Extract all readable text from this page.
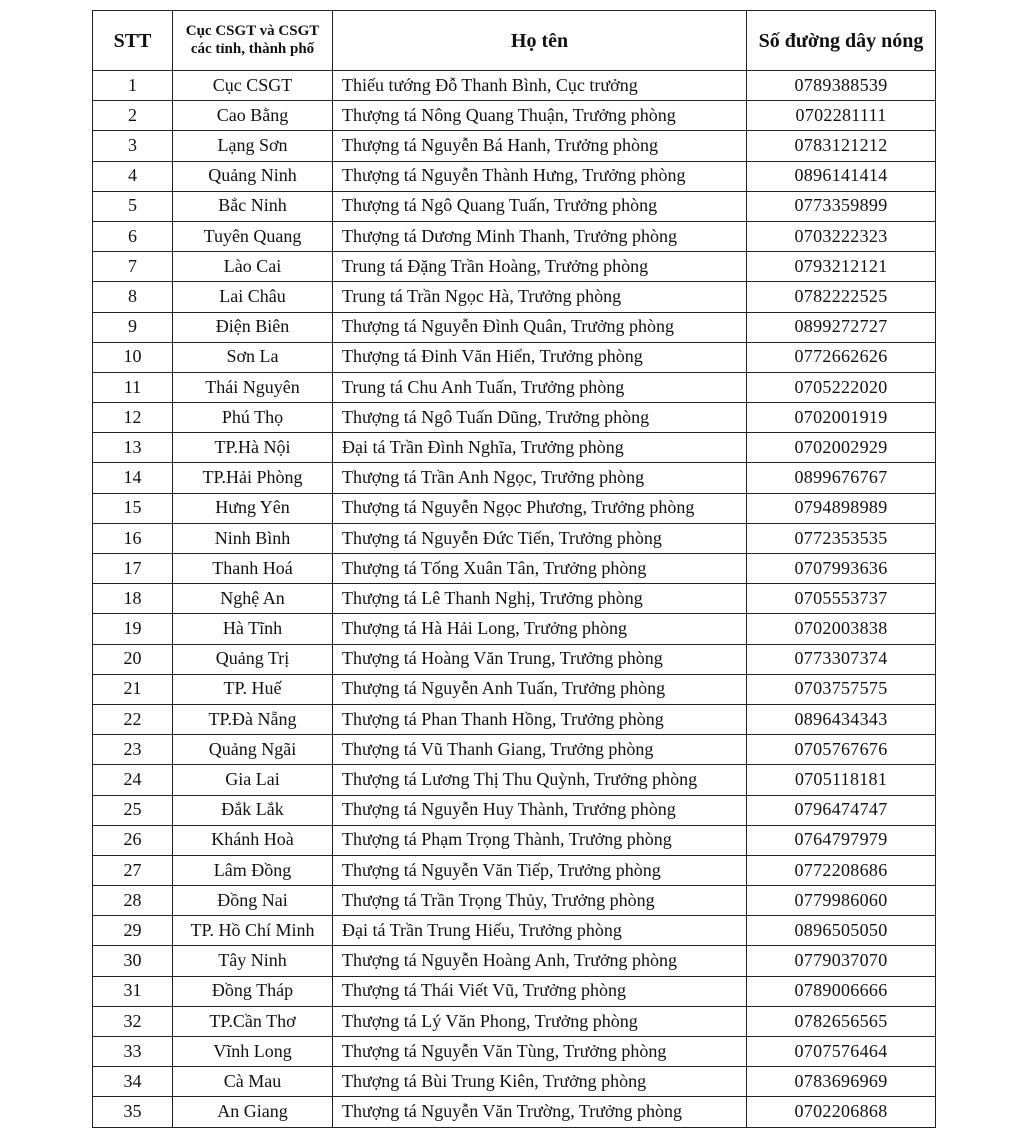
STT	Cục CSGT và CSGT các tỉnh, thành phố	Họ tên	Số đường dây nóng
1	Cục CSGT	Thiếu tướng Đỗ Thanh Bình, Cục trưởng	0789388539
2	Cao Bằng	Thượng tá Nông Quang Thuận, Trưởng phòng	0702281111
3	Lạng Sơn	Thượng tá Nguyễn Bá Hanh, Trưởng phòng	0783121212
4	Quảng Ninh	Thượng tá Nguyễn Thành Hưng, Trưởng phòng	0896141414
5	Bắc Ninh	Thượng tá Ngô Quang Tuấn, Trưởng phòng	0773359899
6	Tuyên Quang	Thượng tá Dương Minh Thanh, Trưởng phòng	0703222323
7	Lào Cai	Trung tá Đặng Trần Hoàng, Trưởng phòng	0793212121
8	Lai Châu	Trung tá Trần Ngọc Hà, Trưởng phòng	0782222525
9	Điện Biên	Thượng tá Nguyễn Đình Quân, Trưởng phòng	0899272727
10	Sơn La	Thượng tá Đinh Văn Hiển, Trưởng phòng	0772662626
11	Thái Nguyên	Trung tá Chu Anh Tuấn, Trưởng phòng	0705222020
12	Phú Thọ	Thượng tá Ngô Tuấn Dũng, Trưởng phòng	0702001919
13	TP.Hà Nội	Đại tá Trần Đình Nghĩa, Trưởng phòng	0702002929
14	TP.Hải Phòng	Thượng tá Trần Anh Ngọc, Trưởng phòng	0899676767
15	Hưng Yên	Thượng tá Nguyễn Ngọc Phương, Trưởng phòng	0794898989
16	Ninh Bình	Thượng tá Nguyễn Đức Tiến, Trưởng phòng	0772353535
17	Thanh Hoá	Thượng tá Tống Xuân Tân, Trưởng phòng	0707993636
18	Nghệ An	Thượng tá Lê Thanh Nghị, Trưởng phòng	0705553737
19	Hà Tĩnh	Thượng tá Hà Hải Long, Trưởng phòng	0702003838
20	Quảng Trị	Thượng tá Hoàng Văn Trung, Trưởng phòng	0773307374
21	TP. Huế	Thượng tá Nguyễn Anh Tuấn, Trưởng phòng	0703757575
22	TP.Đà Nẵng	Thượng tá Phan Thanh Hồng, Trưởng phòng	0896434343
23	Quảng Ngãi	Thượng tá Vũ Thanh Giang, Trưởng phòng	0705767676
24	Gia Lai	Thượng tá Lương Thị Thu Quỳnh, Trưởng phòng	0705118181
25	Đắk Lắk	Thượng tá Nguyễn Huy Thành, Trưởng phòng	0796474747
26	Khánh Hoà	Thượng tá Phạm Trọng Thành, Trưởng phòng	0764797979
27	Lâm Đồng	Thượng tá Nguyễn Văn Tiếp, Trưởng phòng	0772208686
28	Đồng Nai	Thượng tá Trần Trọng Thủy, Trưởng phòng	0779986060
29	TP. Hồ Chí Minh	Đại tá Trần Trung Hiếu, Trưởng phòng	0896505050
30	Tây Ninh	Thượng tá Nguyễn Hoàng Anh, Trưởng phòng	0779037070
31	Đồng Tháp	Thượng tá Thái Viết Vũ, Trưởng phòng	0789006666
32	TP.Cần Thơ	Thượng tá Lý Văn Phong, Trưởng phòng	0782656565
33	Vĩnh Long	Thượng tá Nguyễn Văn Tùng, Trưởng phòng	0707576464
34	Cà Mau	Thượng tá Bùi Trung Kiên, Trưởng phòng	0783696969
35	An Giang	Thượng tá Nguyễn Văn Trường, Trưởng phòng	0702206868
